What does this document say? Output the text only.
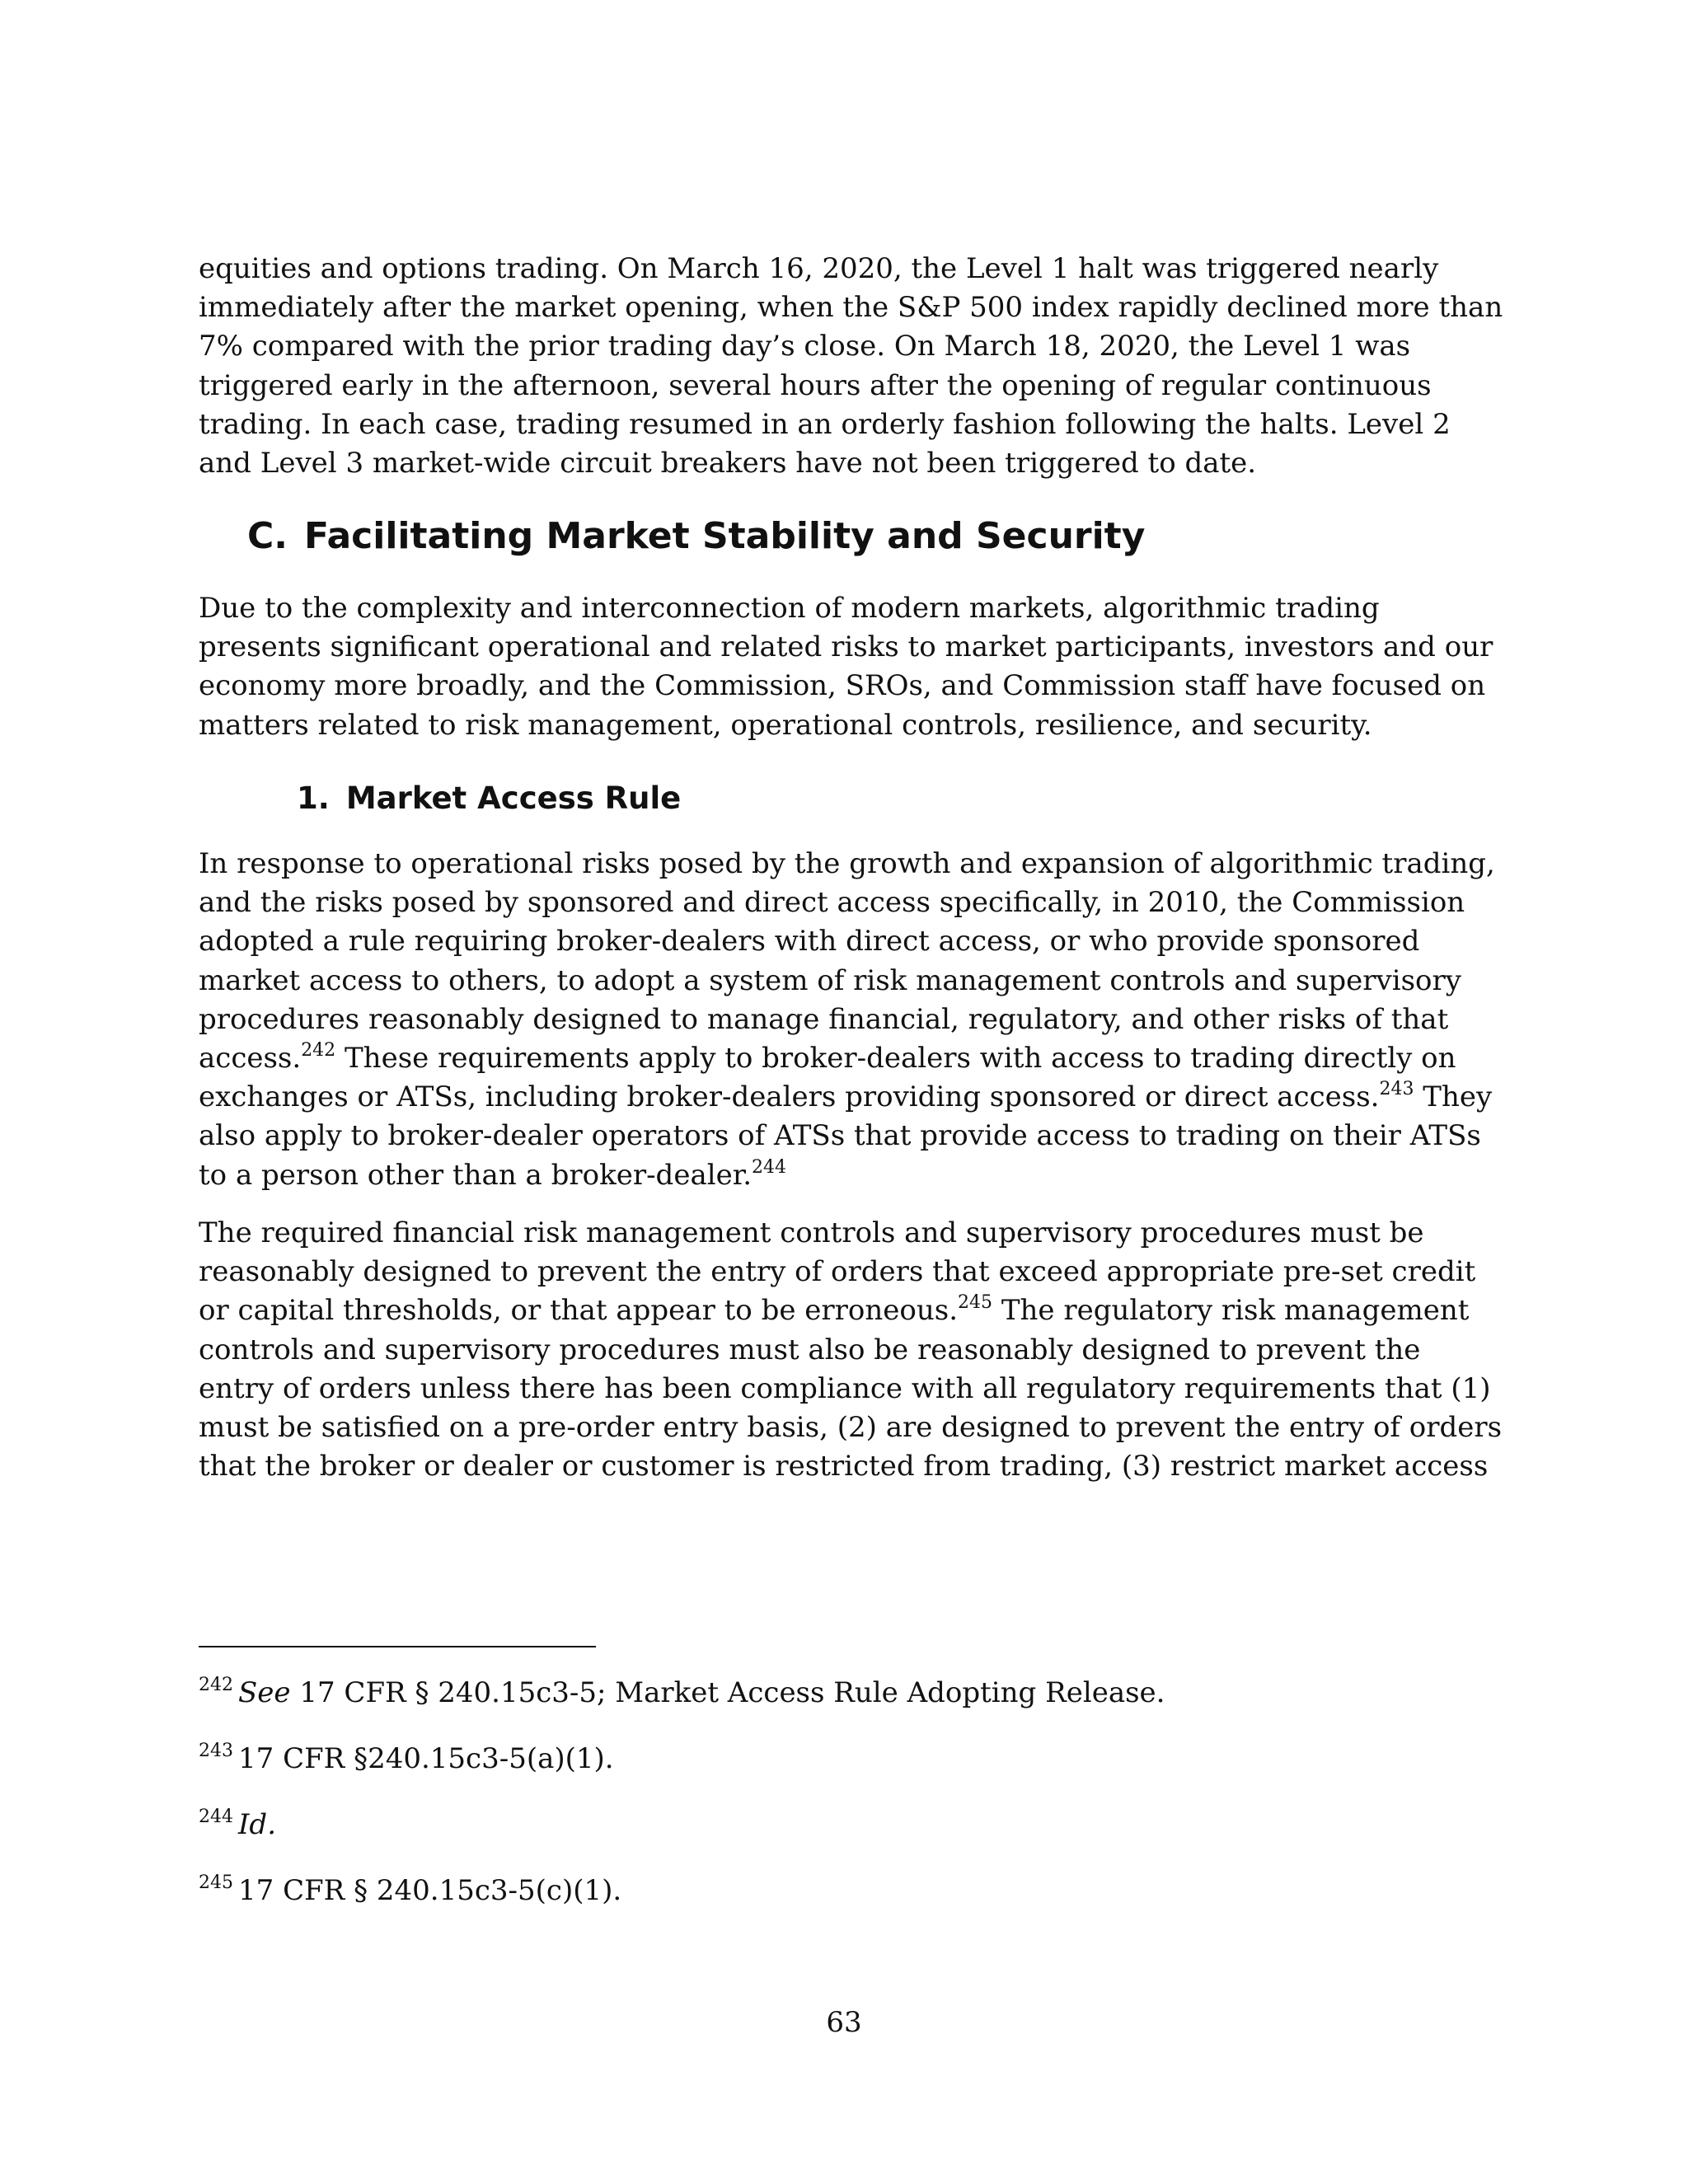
equities and options trading. On March 16, 2020, the Level 1 halt was triggered nearly
immediately after the market opening, when the S&P 500 index rapidly declined more than
7% compared with the prior trading day’s close. On March 18, 2020, the Level 1 was
triggered early in the afternoon, several hours after the opening of regular continuous
trading. In each case, trading resumed in an orderly fashion following the halts. Level 2
and Level 3 market-wide circuit breakers have not been triggered to date.

C. Facilitating Market Stability and Security

Due to the complexity and interconnection of modern markets, algorithmic trading
presents significant operational and related risks to market participants, investors and our
economy more broadly, and the Commission, SROs, and Commission staff have focused on
matters related to risk management, operational controls, resilience, and security.

1. Market Access Rule

In response to operational risks posed by the growth and expansion of algorithmic trading,
and the risks posed by sponsored and direct access specifically, in 2010, the Commission
adopted a rule requiring broker-dealers with direct access, or who provide sponsored
market access to others, to adopt a system of risk management controls and supervisory
procedures reasonably designed to manage financial, regulatory, and other risks of that
access.$^{242}$ These requirements apply to broker-dealers with access to trading directly on
exchanges or ATSs, including broker-dealers providing sponsored or direct access.$^{243}$ They
also apply to broker-dealer operators of ATSs that provide access to trading on their ATSs
to a person other than a broker-dealer.$^{244}$

The required financial risk management controls and supervisory procedures must be
reasonably designed to prevent the entry of orders that exceed appropriate pre-set credit
or capital thresholds, or that appear to be erroneous.$^{245}$ The regulatory risk management
controls and supervisory procedures must also be reasonably designed to prevent the
entry of orders unless there has been compliance with all regulatory requirements that (1)
must be satisfied on a pre-order entry basis, (2) are designed to prevent the entry of orders
that the broker or dealer or customer is restricted from trading, (3) restrict market access

$^{242}$ See 17 CFR § 240.15c3-5; Market Access Rule Adopting Release.

$^{243}$ 17 CFR §240.15c3-5(a)(1).

$^{244}$ Id.

$^{245}$ 17 CFR § 240.15c3-5(c)(1).

63
